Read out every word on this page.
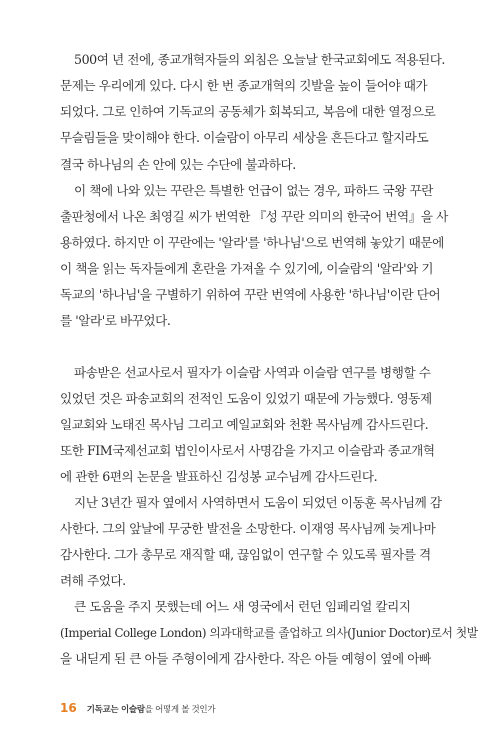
500여 년 전에, 종교개혁자들의 외침은 오늘날 한국교회에도 적용된다.
문제는 우리에게 있다. 다시 한 번 종교개혁의 깃발을 높이 들어야 때가
되었다. 그로 인하여 기독교의 공동체가 회복되고, 복음에 대한 열정으로
무슬림들을 맞이해야 한다. 이슬람이 아무리 세상을 흔든다고 할지라도
결국 하나님의 손 안에 있는 수단에 불과하다.
이 책에 나와 있는 꾸란은 특별한 언급이 없는 경우, 파하드 국왕 꾸란
출판청에서 나온 최영길 씨가 번역한 『성 꾸란 의미의 한국어 번역』을 사
용하였다. 하지만 이 꾸란에는 '알라'를 '하나님'으로 번역해 놓았기 때문에
이 책을 읽는 독자들에게 혼란을 가져올 수 있기에, 이슬람의 '알라'와 기
독교의 '하나님'을 구별하기 위하여 꾸란 번역에 사용한 '하나님'이란 단어
를 '알라'로 바꾸었다.
파송받은 선교사로서 필자가 이슬람 사역과 이슬람 연구를 병행할 수
있었던 것은 파송교회의 전적인 도움이 있었기 때문에 가능했다. 영동제
일교회와 노태진 목사님 그리고 예일교회와 천환 목사님께 감사드린다.
또한 FIM국제선교회 법인이사로서 사명감을 가지고 이슬람과 종교개혁
에 관한 6편의 논문을 발표하신 김성봉 교수님께 감사드린다.
지난 3년간 필자 옆에서 사역하면서 도움이 되었던 이동훈 목사님께 감
사한다. 그의 앞날에 무궁한 발전을 소망한다. 이재영 목사님께 늦게나마
감사한다. 그가 총무로 재직할 때, 끊임없이 연구할 수 있도록 필자를 격
려해 주었다.
큰 도움을 주지 못했는데 어느 새 영국에서 런던 임페리얼 칼리지
(Imperial College London) 의과대학교를 졸업하고 의사(Junior Doctor)로서 첫발
을 내딛게 된 큰 아들 주형이에게 감사한다. 작은 아들 예형이 옆에 아빠
16 기독교는 이슬람을 어떻게 볼 것인가
